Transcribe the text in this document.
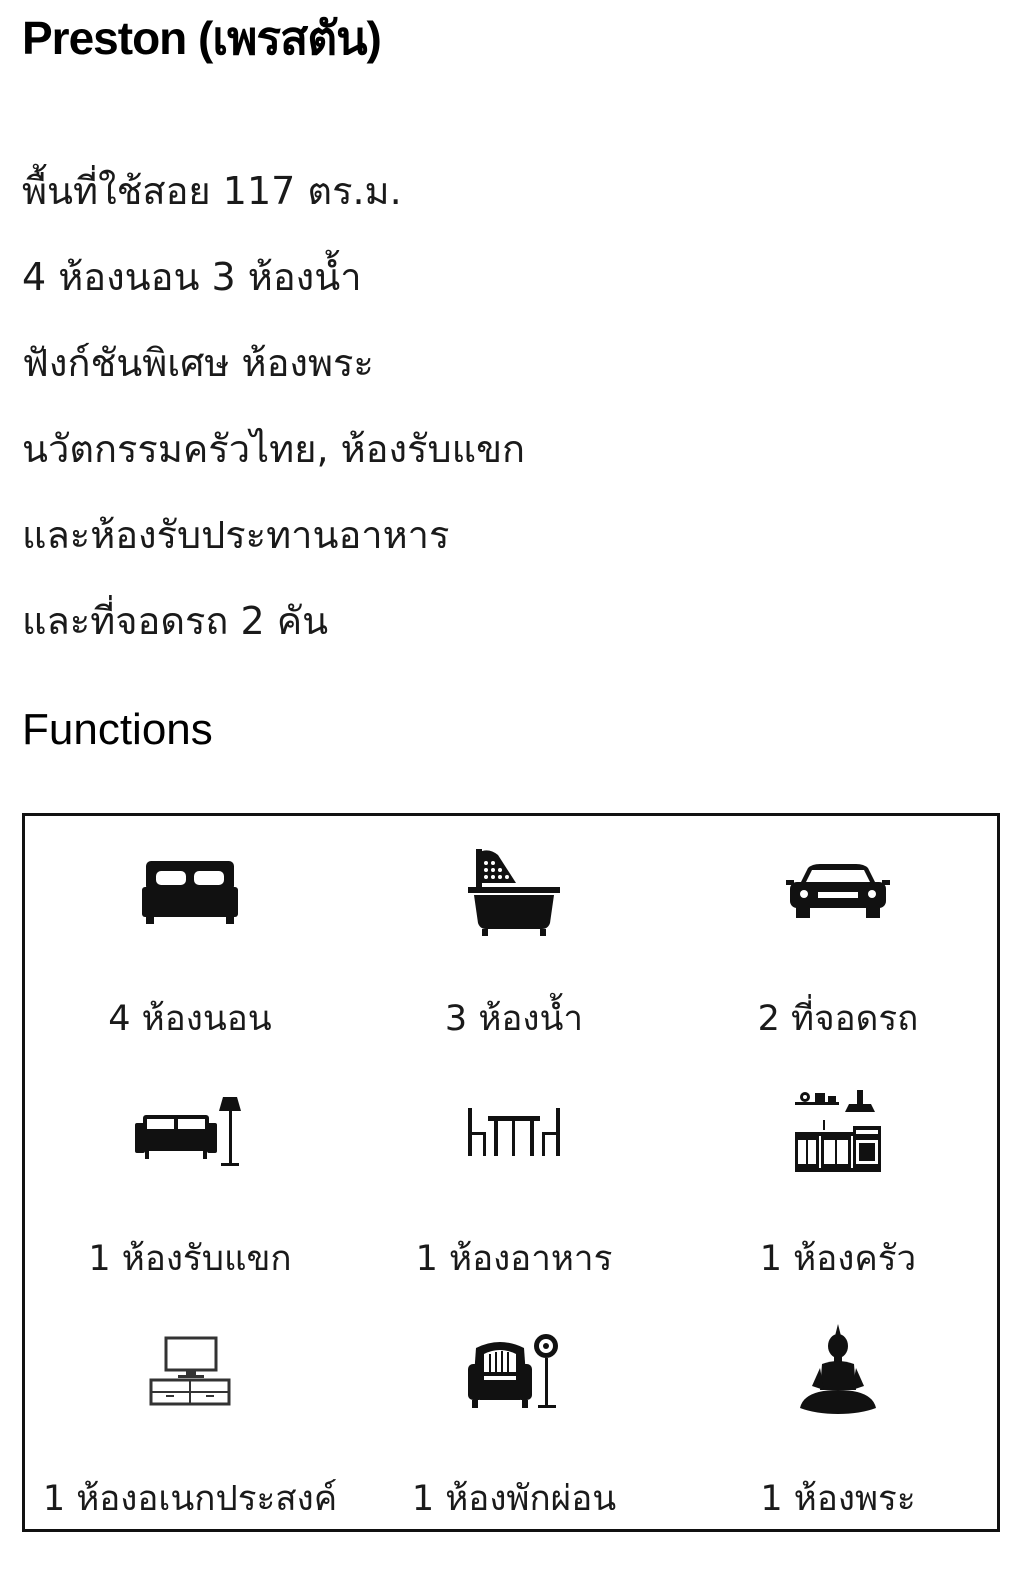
Preston (เพรสตัน)
พื้นที่ใช้สอย 117 ตร.ม.
4 ห้องนอน 3 ห้องน้ำ
ฟังก์ชันพิเศษ ห้องพระ
นวัตกรรมครัวไทย, ห้องรับแขก
และห้องรับประทานอาหาร
และที่จอดรถ 2 คัน
Functions
4 ห้องนอน	3 ห้องน้ำ	2 ที่จอดรถ
1 ห้องรับแขก	1 ห้องอาหาร	1 ห้องครัว
1 ห้องอเนกประสงค์	1 ห้องพักผ่อน	1 ห้องพระ
